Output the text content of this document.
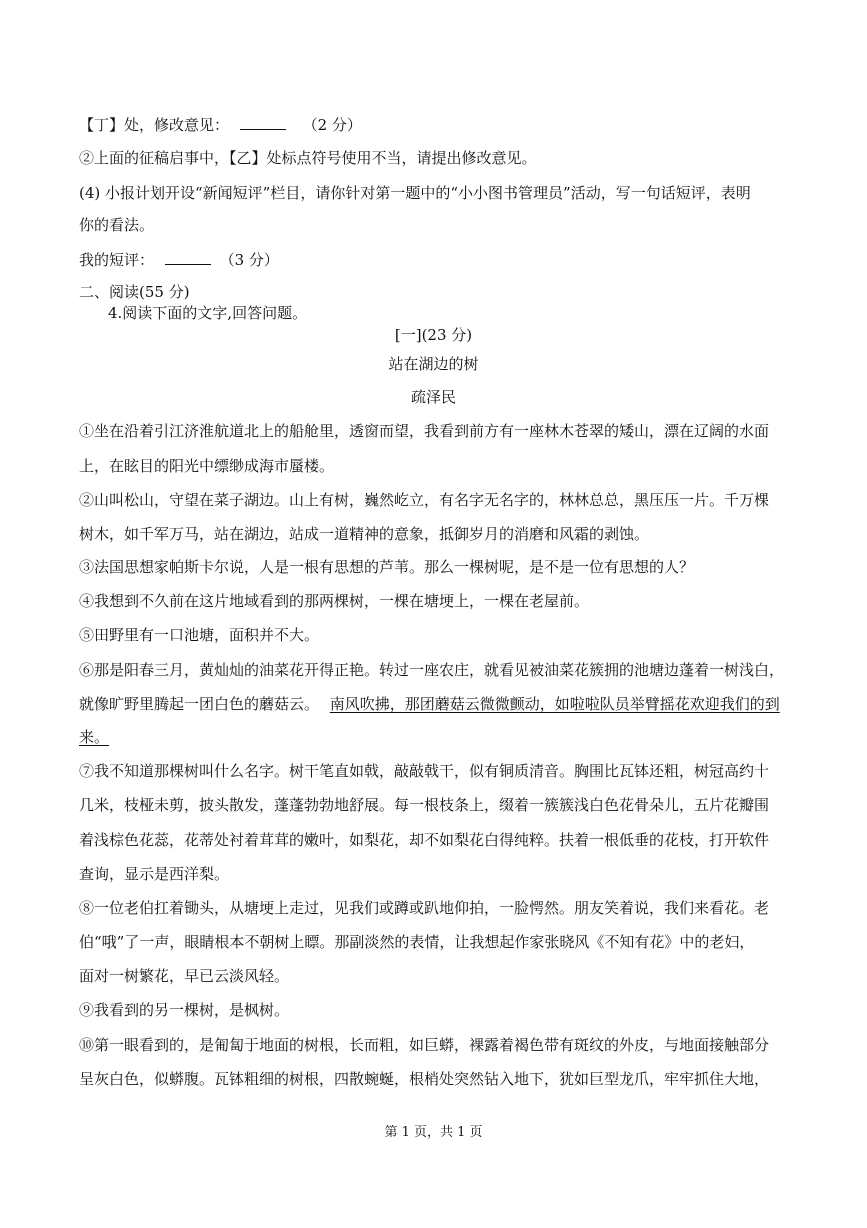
【丁】处，修改意见：	（2 分）
②上面的征稿启事中，【乙】处标点符号使用不当，请提出修改意见。
(4) 小报计划开设“新闻短评”栏目，请你针对第一题中的“小小图书管理员”活动，写一句话短评，表明
你的看法。
我的短评：	（3 分）
二、阅读(55 分)
4.阅读下面的文字,回答问题。
[一](23 分)
站在湖边的树
疏泽民
①坐在沿着引江济淮航道北上的船舱里，透窗而望，我看到前方有一座林木苍翠的矮山，漂在辽阔的水面
上，在眩目的阳光中缥缈成海市蜃楼。
②山叫松山，守望在菜子湖边。山上有树，巍然屹立，有名字无名字的，林林总总，黑压压一片。千万棵
树木，如千军万马，站在湖边，站成一道精神的意象，抵御岁月的消磨和风霜的剥蚀。
③法国思想家帕斯卡尔说，人是一根有思想的芦苇。那么一棵树呢，是不是一位有思想的人？
④我想到不久前在这片地域看到的那两棵树，一棵在塘埂上，一棵在老屋前。
⑤田野里有一口池塘，面积并不大。
⑥那是阳春三月，黄灿灿的油菜花开得正艳。转过一座农庄，就看见被油菜花簇拥的池塘边蓬着一树浅白，
就像旷野里腾起一团白色的蘑菇云。 南风吹拂，那团蘑菇云微微颤动，如啦啦队员举臂摇花欢迎我们的到
来。
⑦我不知道那棵树叫什么名字。树干笔直如戟，敲敲戟干，似有铜质清音。胸围比瓦钵还粗，树冠高约十
几米，枝桠未剪，披头散发，蓬蓬勃勃地舒展。每一根枝条上，缀着一簇簇浅白色花骨朵儿，五片花瓣围
着浅棕色花蕊，花蒂处衬着茸茸的嫩叶，如梨花，却不如梨花白得纯粹。扶着一根低垂的花枝，打开软件
查询，显示是西洋梨。
⑧一位老伯扛着锄头，从塘埂上走过，见我们或蹲或趴地仰拍，一脸愕然。朋友笑着说，我们来看花。老
伯“哦”了一声，眼睛根本不朝树上瞟。那副淡然的表情，让我想起作家张晓风《不知有花》中的老妇，
面对一树繁花，早已云淡风轻。
⑨我看到的另一棵树，是枫树。
⑩第一眼看到的，是匍匐于地面的树根，长而粗，如巨蟒，裸露着褐色带有斑纹的外皮，与地面接触部分
呈灰白色，似蟒腹。瓦钵粗细的树根，四散蜿蜒，根梢处突然钻入地下，犹如巨型龙爪，牢牢抓住大地，
第 1 页，共 1 页
